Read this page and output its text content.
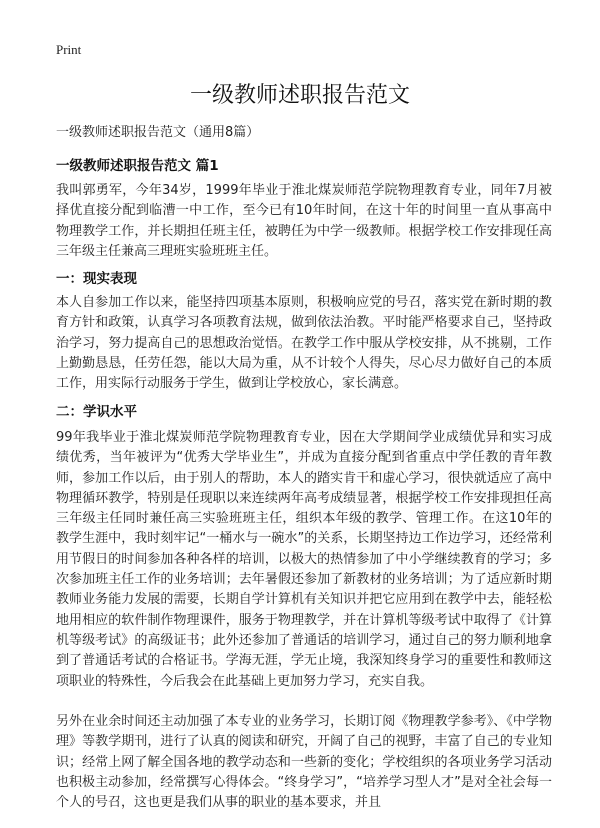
Print
一级教师述职报告范文
一级教师述职报告范文（通用8篇）
一级教师述职报告范文 篇1

我叫郭勇军，今年34岁，1999年毕业于淮北煤炭师范学院物理教育专业，同年7月被择优直接分配到临漕一中工作，至今已有10年时间，在这十年的时间里一直从事高中物理教学工作，并长期担任班主任，被聘任为中学一级教师。根据学校工作安排现任高三年级主任兼高三理班实验班班主任。

一：现实表现

本人自参加工作以来，能坚持四项基本原则，积极响应党的号召，落实党在新时期的教育方针和政策，认真学习各项教育法规，做到依法治教。平时能严格要求自己，坚持政治学习，努力提高自己的思想政治觉悟。在教学工作中服从学校安排，从不挑剔，工作上勤勤恳恳，任劳任怨，能以大局为重，从不计较个人得失，尽心尽力做好自己的本质工作，用实际行动服务于学生，做到让学校放心，家长满意。

二：学识水平

99年我毕业于淮北煤炭师范学院物理教育专业，因在大学期间学业成绩优异和实习成绩优秀，当年被评为“优秀大学毕业生”，并成为直接分配到省重点中学任教的青年教师，参加工作以后，由于别人的帮助，本人的踏实肯干和虚心学习，很快就适应了高中物理循环教学，特别是任现职以来连续两年高考成绩显著，根据学校工作安排现担任高三年级主任同时兼任高三实验班班主任，组织本年级的教学、管理工作。在这10年的教学生涯中，我时刻牢记“一桶水与一碗水”的关系，长期坚持边工作边学习，还经常利用节假日的时间参加各种各样的培训，以极大的热情参加了中小学继续教育的学习；多次参加班主任工作的业务培训；去年暑假还参加了新教材的业务培训；为了适应新时期教师业务能力发展的需要，长期自学计算机有关知识并把它应用到在教学中去，能轻松地用相应的软件制作物理课件，服务于物理教学，并在计算机等级考试中取得了《计算机等级考试》的高级证书；此外还参加了普通话的培训学习，通过自己的努力顺利地拿到了普通话考试的合格证书。学海无涯，学无止境，我深知终身学习的重要性和教师这项职业的特殊性，今后我会在此基础上更加努力学习，充实自我。

另外在业余时间还主动加强了本专业的业务学习，长期订阅《物理教学参考》、《中学物理》等教学期刊，进行了认真的阅读和研究，开阔了自己的视野，丰富了自己的专业知识；经常上网了解全国各地的教学动态和一些新的变化；学校组织的各项业务学习活动也积极主动参加，经常撰写心得体会。“终身学习”，“培养学习型人才”是对全社会每一个人的号召，这也更是我们从事的职业的基本要求，并且
